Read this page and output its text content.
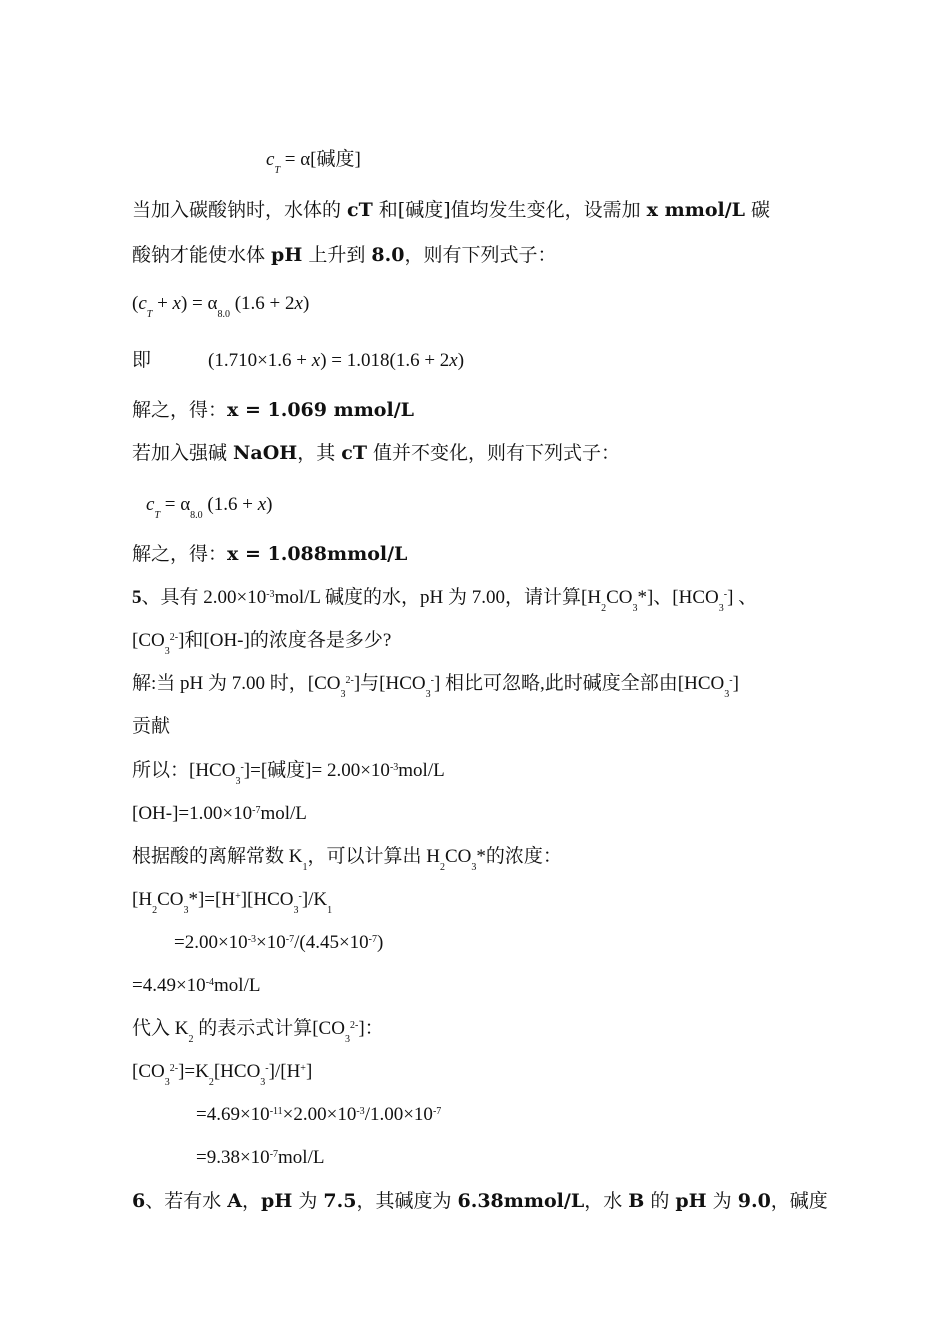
$c_T = \alpha$[碱度]
当加入碳酸钠时，水体的 cT 和[碱度]值均发生变化，设需加 x mmol/L 碳
酸钠才能使水体 pH 上升到 8.0，则有下列式子：
$(c_T + x) = \alpha_{8.0}$ (1.6 + 2x)
即	(1.710×1.6 + x) = 1.018(1.6 + 2x)
解之，得：x = 1.069 mmol/L
若加入强碱 NaOH，其 cT 值并不变化，则有下列式子：
$c_T = \alpha_{8.0}$ (1.6 + x)
解之，得：x = 1.088mmol/L
5、具有 $2.00\times 10^{-3}mol/L$ 碱度的水，pH 为 7.00，请计算$[H_2CO_3*]$、$[HCO_3^-]$ 、
$[CO_3^{2-}]$和[OH-]的浓度各是多少?
解:当 pH 为 7.00 时，$[CO_3^{2-}]$与$[HCO_3^-]$ 相比可忽略,此时碱度全部由$[HCO_3^-]$
贡献
所以：$[HCO_3^-]=$[碱度]= $2.00\times 10^{-3}mol/L$
$[OH-]=1.00\times 10^{-7}mol/L$
根据酸的离解常数 $K_1$，可以计算出 $H_2CO_3*$的浓度：
$[H_2CO_3*]=[H^+][HCO_3^-]/K_1$
$=2.00\times 10^{-3}\times 10^{-7}/(4.45\times 10^{-7})$
$=4.49\times 10^{-4}mol/L$
代入 $K_2$ 的表示式计算$[CO_3^{2-}]$：
$[CO_3^{2-}]=K_2[HCO_3^-]/[H^+]$
$=4.69\times 10^{-11}\times 2.00\times 10^{-3}/1.00\times 10^{-7}$
$=9.38\times 10^{-7}mol/L$
6、若有水 A，pH 为 7.5，其碱度为 6.38mmol/L，水 B 的 pH 为 9.0，碱度
